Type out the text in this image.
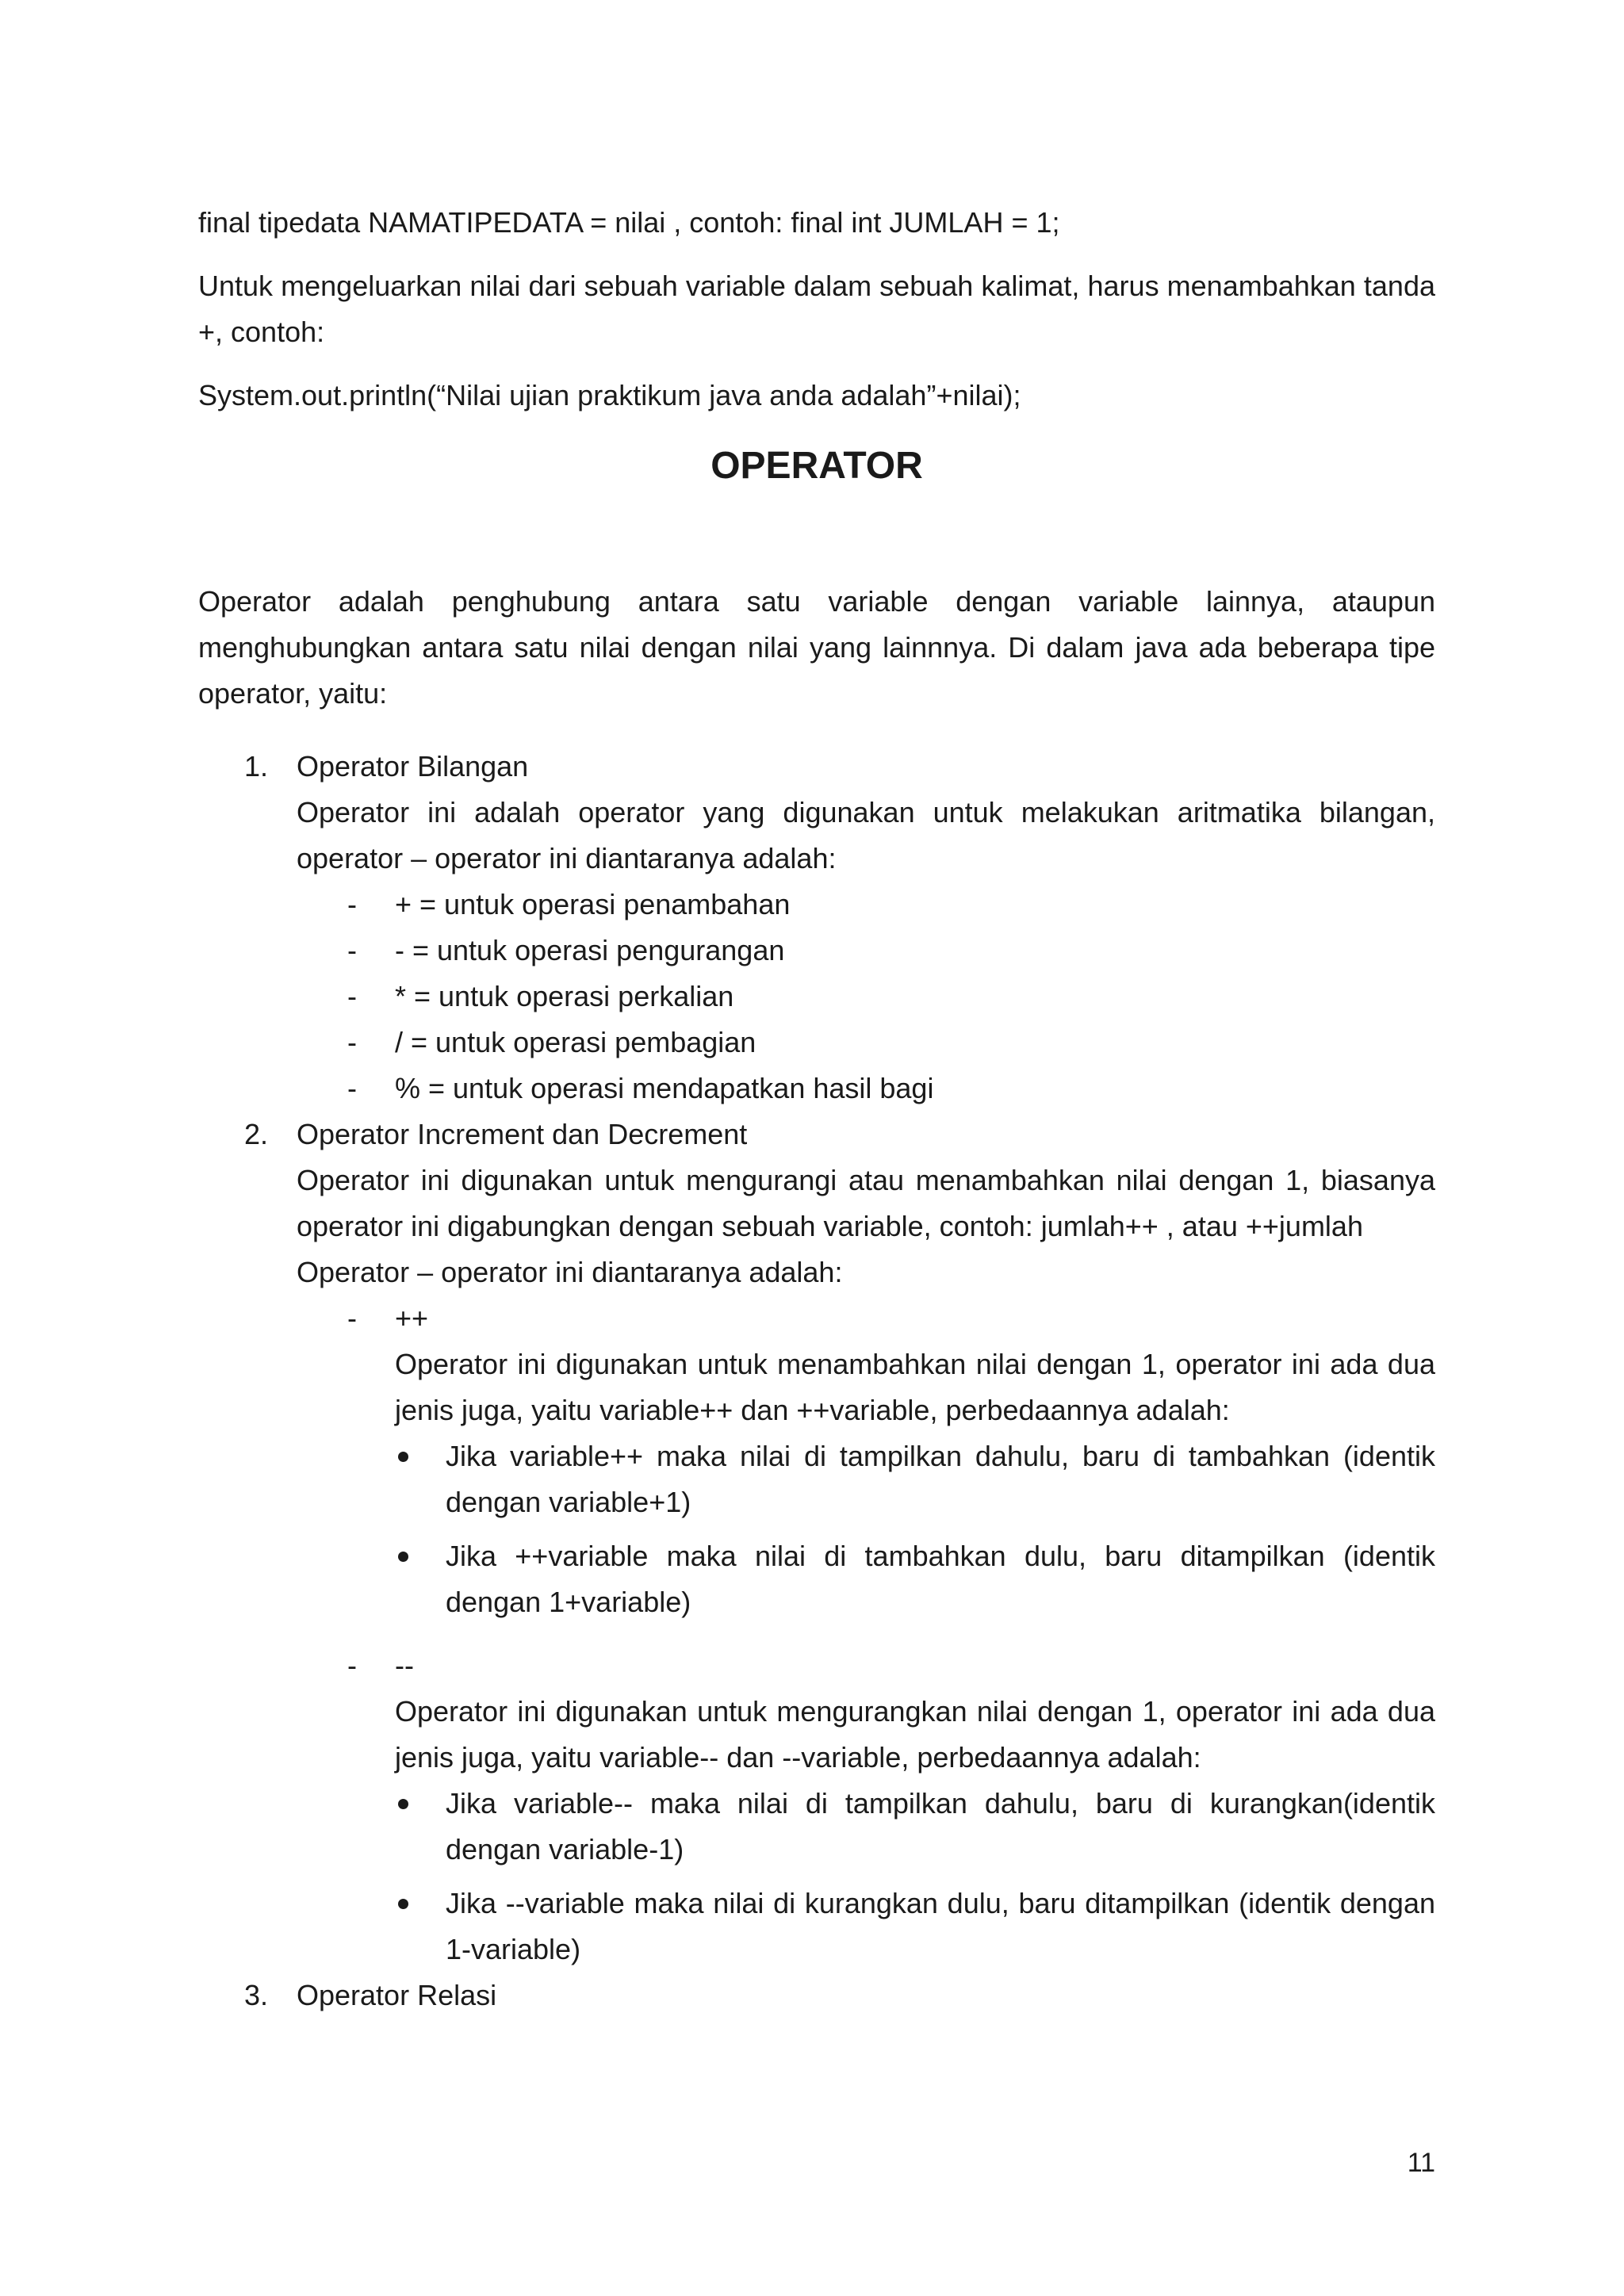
final tipedata NAMATIPEDATA = nilai , contoh: final int JUMLAH = 1;

Untuk mengeluarkan nilai dari sebuah variable dalam sebuah kalimat, harus menambahkan tanda +, contoh:

System.out.println(“Nilai ujian praktikum java anda adalah”+nilai);

OPERATOR

Operator adalah penghubung antara satu variable dengan variable lainnya, ataupun menghubungkan antara satu nilai dengan nilai yang lainnnya. Di dalam java ada beberapa tipe operator, yaitu:

1. Operator Bilangan

Operator ini adalah operator yang digunakan untuk melakukan aritmatika bilangan, operator – operator ini diantaranya adalah:

- + = untuk operasi penambahan
- - = untuk operasi pengurangan
- * = untuk operasi perkalian
- / = untuk operasi pembagian
- % = untuk operasi mendapatkan hasil bagi
2. Operator Increment dan Decrement

Operator ini digunakan untuk mengurangi atau menambahkan nilai dengan 1, biasanya operator ini digabungkan dengan sebuah variable, contoh: jumlah++ , atau ++jumlah

Operator – operator ini diantaranya adalah:

- ++

Operator ini digunakan untuk menambahkan nilai dengan 1, operator ini ada dua jenis juga, yaitu variable++ dan ++variable, perbedaannya adalah:

Jika variable++ maka nilai di tampilkan dahulu, baru di tambahkan (identik dengan variable+1)
Jika ++variable maka nilai di tambahkan dulu, baru ditampilkan (identik dengan 1+variable)
- --

Operator ini digunakan untuk mengurangkan nilai dengan 1, operator ini ada dua jenis juga, yaitu variable-- dan --variable, perbedaannya adalah:

Jika variable-- maka nilai di tampilkan dahulu, baru di kurangkan(identik dengan variable-1)
Jika --variable maka nilai di kurangkan dulu, baru ditampilkan (identik dengan 1-variable)
3. Operator Relasi
11
